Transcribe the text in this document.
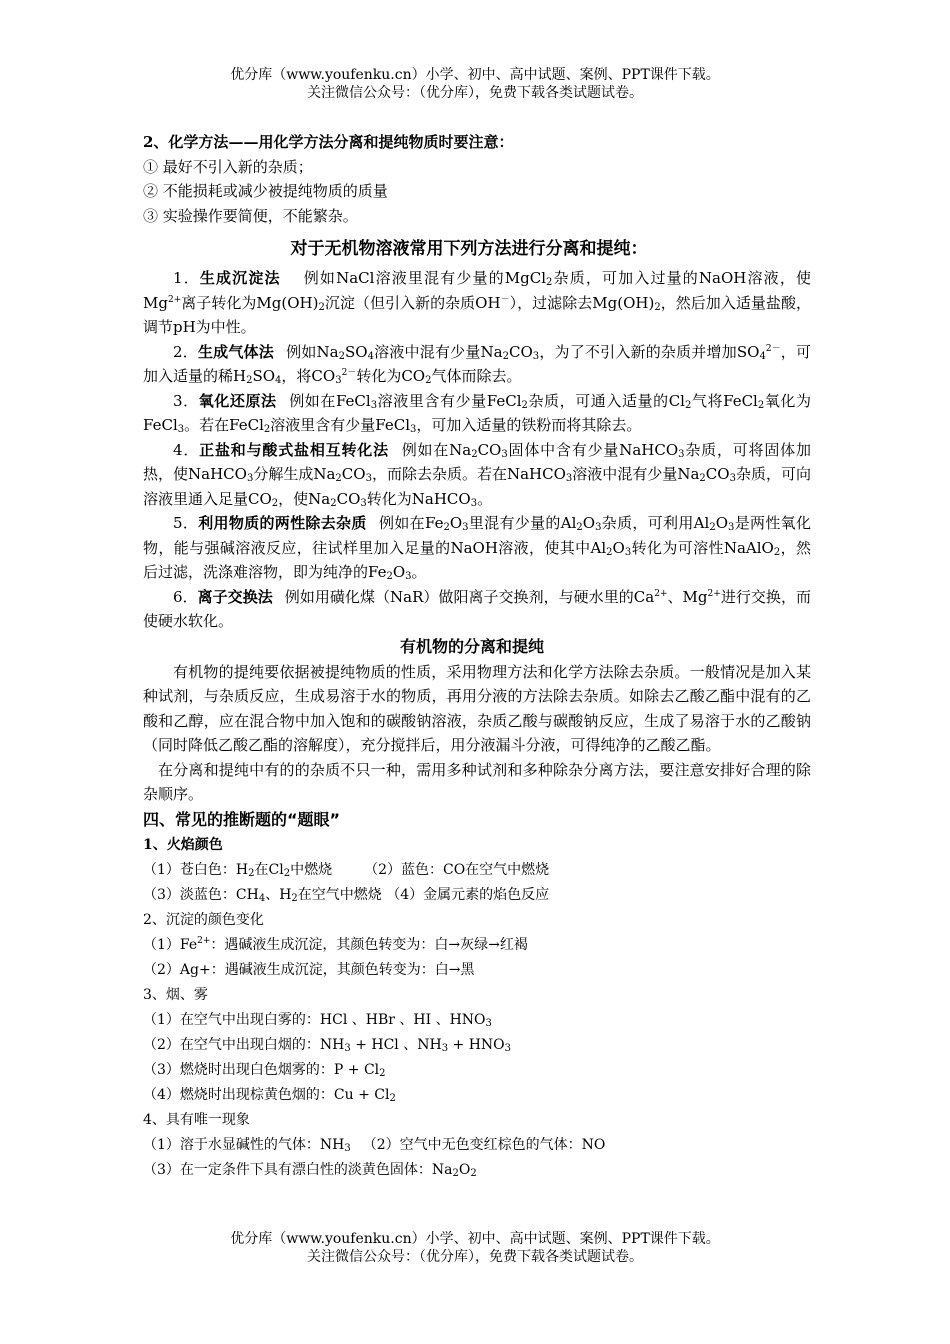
优分库（www.youfenku.cn）小学、初中、高中试题、案例、PPT课件下载。
关注微信公众号：（优分库），免费下载各类试题试卷。
2、化学方法——用化学方法分离和提纯物质时要注意：
① 最好不引入新的杂质；
② 不能损耗或减少被提纯物质的质量
③ 实验操作要简便，不能繁杂。
对于无机物溶液常用下列方法进行分离和提纯：
1．生成沉淀法 例如NaCl溶液里混有少量的MgCl$_2$杂质，可加入过量的NaOH溶液，使$Mg^{2+}$离子转化为$Mg(OH)_2$沉淀（但引入新的杂质OH－），过滤除去$Mg(OH)_2$，然后加入适量盐酸，调节pH为中性。
2．生成气体法 例如$Na_2SO_4$溶液中混有少量$Na_2CO_3$，为了不引入新的杂质并增加$SO_4^{2-}$，可加入适量的稀$H_2SO_4$，将$CO_3^{2-}$转化为$CO_2$气体而除去。
3．氧化还原法 例如在FeCl$_3$溶液里含有少量FeCl$_2$杂质，可通入适量的$Cl_2$气将FeCl$_2$氧化为FeCl$_3$。若在FeCl$_2$溶液里含有少量FeCl$_3$，可加入适量的铁粉而将其除去。
4．正盐和与酸式盐相互转化法 例如在$Na_2CO_3$固体中含有少量NaHCO$_3$杂质，可将固体加热，使NaHCO$_3$分解生成$Na_2CO_3$，而除去杂质。若在NaHCO$_3$溶液中混有少量$Na_2CO_3$杂质，可向溶液里通入足量$CO_2$，使$Na_2CO_3$转化为NaHCO$_3$。
5．利用物质的两性除去杂质 例如在$Fe_2O_3$里混有少量的$Al_2O_3$杂质，可利用$Al_2O_3$是两性氧化物，能与强碱溶液反应，往试样里加入足量的NaOH溶液，使其中$Al_2O_3$转化为可溶性NaAlO$_2$，然后过滤，洗涤难溶物，即为纯净的$Fe_2O_3$。
6．离子交换法 例如用磺化煤（NaR）做阳离子交换剂，与硬水里的$Ca^{2+}$、$Mg^{2+}$进行交换，而使硬水软化。
有机物的分离和提纯
有机物的提纯要依据被提纯物质的性质，采用物理方法和化学方法除去杂质。一般情况是加入某种试剂，与杂质反应，生成易溶于水的物质，再用分液的方法除去杂质。如除去乙酸乙酯中混有的乙酸和乙醇，应在混合物中加入饱和的碳酸钠溶液，杂质乙酸与碳酸钠反应，生成了易溶于水的乙酸钠（同时降低乙酸乙酯的溶解度），充分搅拌后，用分液漏斗分液，可得纯净的乙酸乙酯。
在分离和提纯中有的的杂质不只一种，需用多种试剂和多种除杂分离方法，要注意安排好合理的除杂顺序。
四、常见的推断题的“题眼”
1、火焰颜色
（1）苍白色：$H_2$在$Cl_2$中燃烧 （2）蓝色：CO在空气中燃烧
（3）淡蓝色：$CH_4$、$H_2$在空气中燃烧 （4）金属元素的焰色反应
2、沉淀的颜色变化
$(1)Fe^{2+}$：遇碱液生成沉淀，其颜色转变为：白→灰绿→红褐
（2）Ag+：遇碱液生成沉淀，其颜色转变为：白→黑
3、烟、雾
（1）在空气中出现白雾的：HCl 、HBr 、HI 、$HNO_3$
（2）在空气中出现白烟的：$NH_3$ + HCl 、$NH_3 + HNO_3$
（3）燃烧时出现白色烟雾的：$P + Cl_2$
（4）燃烧时出现棕黄色烟的：$Cu + Cl_2$
4、具有唯一现象
（1）溶于水显碱性的气体：$NH_3$ （2）空气中无色变红棕色的气体：NO
（3）在一定条件下具有漂白性的淡黄色固体：$Na_2O_2$
优分库（www.youfenku.cn）小学、初中、高中试题、案例、PPT课件下载。
关注微信公众号：（优分库），免费下载各类试题试卷。
